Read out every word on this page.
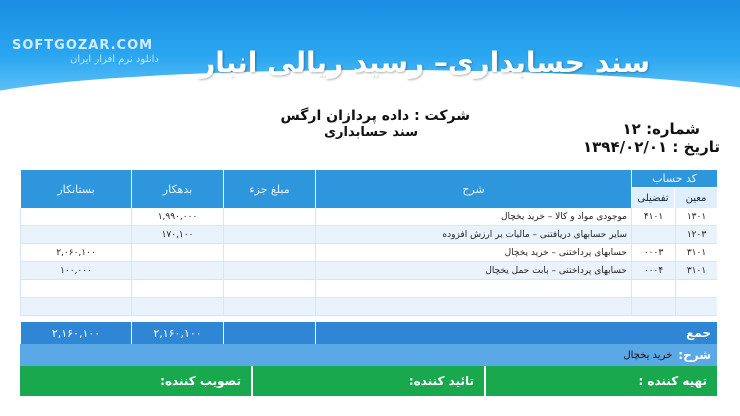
SOFTGOZAR.COM
دانلود نرم افزار ایران سند حسابداری– رسید ریالی انبار
شرکت : داده پردازان ارگس
سند حسابداری	شماره: ۱۲
تاریخ : ۱۳۹۴/۰۲/۰۱
کد حساب
معین
تفضیلی
شرح
مبلغ جزء
بدهکار
بستانکار
۱۳۰۱
۴۱۰۱
موجودی مواد و کالا – خرید یخچال
۱,۹۹۰,۰۰۰
۱۲۰۳
سایر حسابهای دریافتنی – مالیات بر ارزش افزوده
۱۷۰,۱۰۰
۳۱۰۱
۰۰۰۳
حسابهای پرداختنی – خرید یخچال
۲,۰۶۰,۱۰۰
۳۱۰۱
۰۰۰۴
حسابهای پرداختنی – بابت حمل یخچال
۱۰۰,۰۰۰
جمع
۲,۱۶۰,۱۰۰
۲,۱۶۰,۱۰۰
شرح:
خرید یخچال
تهیه کننده :
تائید کننده:
تصویب کننده:
